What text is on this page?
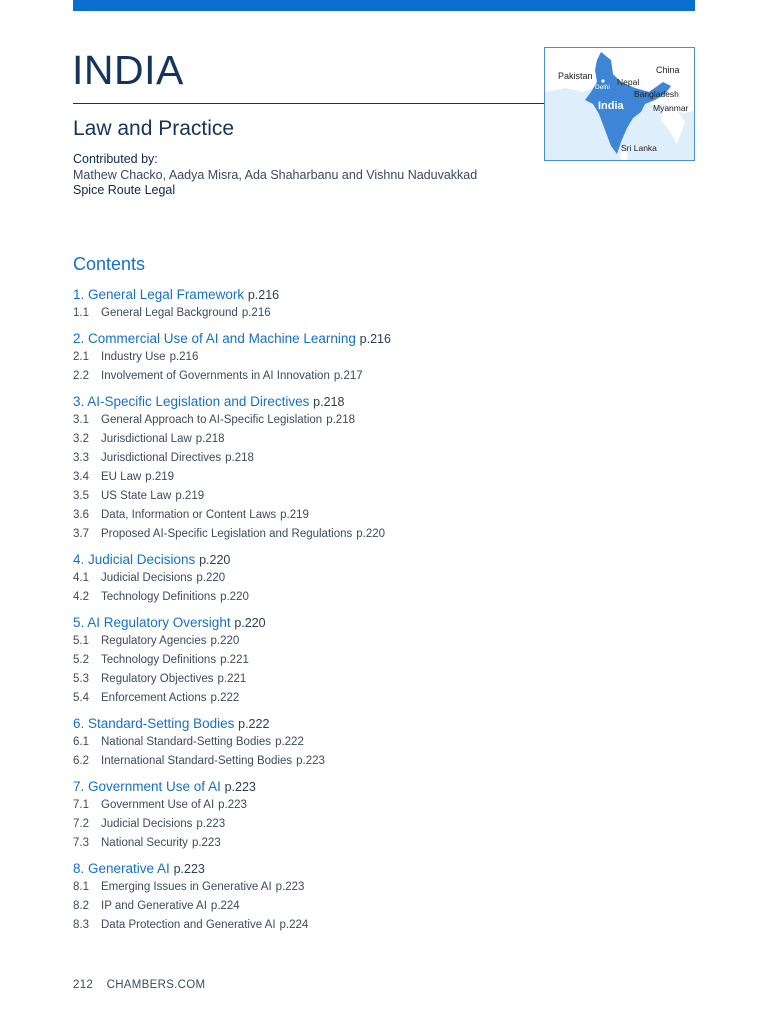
INDIA
Law and Practice
Contributed by:
Mathew Chacko, Aadya Misra, Ada Shaharbanu and Vishnu Naduvakkad
Spice Route Legal
Pakistan
China
Nepal
Delhi
Bangladesh
India	Myanmar
Sri Lanka
Contents
1. General Legal Framework p.216
1.1	General Legal Background p.216
2. Commercial Use of AI and Machine Learning p.216
2.1	Industry Use p.216
2.2	Involvement of Governments in AI Innovation p.217
3. AI-Specific Legislation and Directives p.218
3.1	General Approach to AI-Specific Legislation p.218
3.2	Jurisdictional Law p.218
3.3	Jurisdictional Directives p.218
3.4	EU Law p.219
3.5	US State Law p.219
3.6	Data, Information or Content Laws p.219
3.7	Proposed AI-Specific Legislation and Regulations p.220
4. Judicial Decisions p.220
4.1	Judicial Decisions p.220
4.2	Technology Definitions p.220
5. AI Regulatory Oversight p.220
5.1	Regulatory Agencies p.220
5.2	Technology Definitions p.221
5.3	Regulatory Objectives p.221
5.4	Enforcement Actions p.222
6. Standard-Setting Bodies p.222
6.1	National Standard-Setting Bodies p.222
6.2	International Standard-Setting Bodies p.223
7. Government Use of AI p.223
7.1	Government Use of AI p.223
7.2	Judicial Decisions p.223
7.3	National Security p.223
8. Generative AI p.223
8.1	Emerging Issues in Generative AI p.223
8.2	IP and Generative AI p.224
8.3	Data Protection and Generative AI p.224
212 CHAMBERS.COM
